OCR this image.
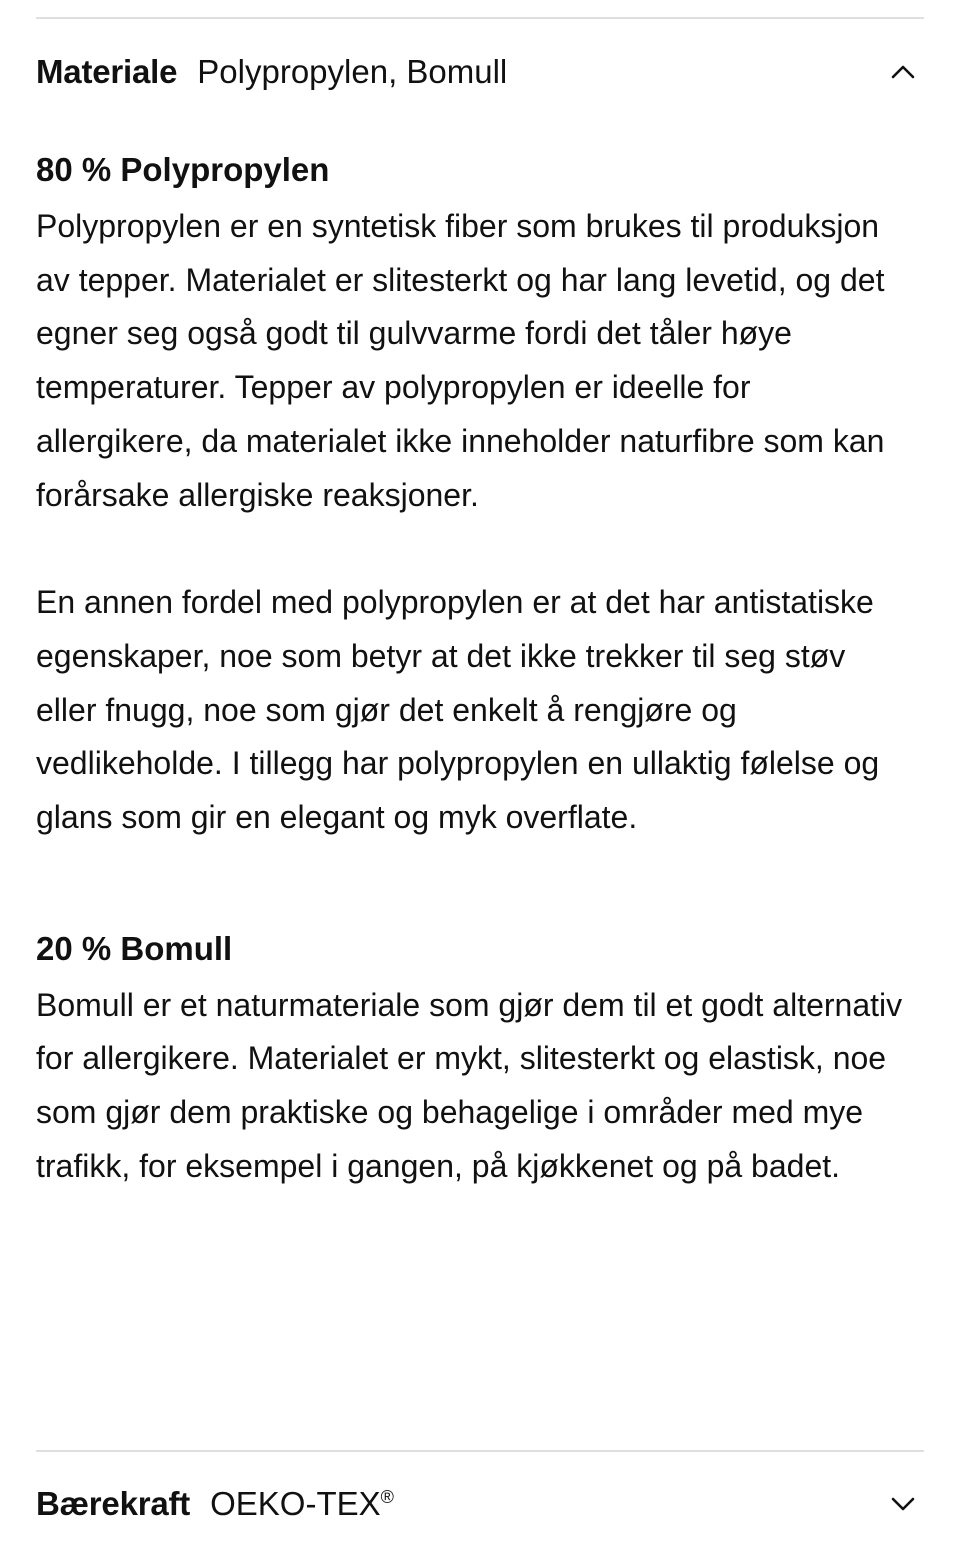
Materiale Polypropylen, Bomull
80 % Polypropylen

Polypropylen er en syntetisk fiber som brukes til produksjon av tepper. Materialet er slitesterkt og har lang levetid, og det egner seg også godt til gulvvarme fordi det tåler høye temperaturer. Tepper av polypropylen er ideelle for allergikere, da materialet ikke inneholder naturfibre som kan forårsake allergiske reaksjoner.

En annen fordel med polypropylen er at det har antistatiske egenskaper, noe som betyr at det ikke trekker til seg støv eller fnugg, noe som gjør det enkelt å rengjøre og vedlikeholde. I tillegg har polypropylen en ullaktig følelse og glans som gir en elegant og myk overflate.

20 % Bomull

Bomull er et naturmateriale som gjør dem til et godt alternativ for allergikere. Materialet er mykt, slitesterkt og elastisk, noe som gjør dem praktiske og behagelige i områder med mye trafikk, for eksempel i gangen, på kjøkkenet og på badet.

Bærekraft OEKO-TEX®
